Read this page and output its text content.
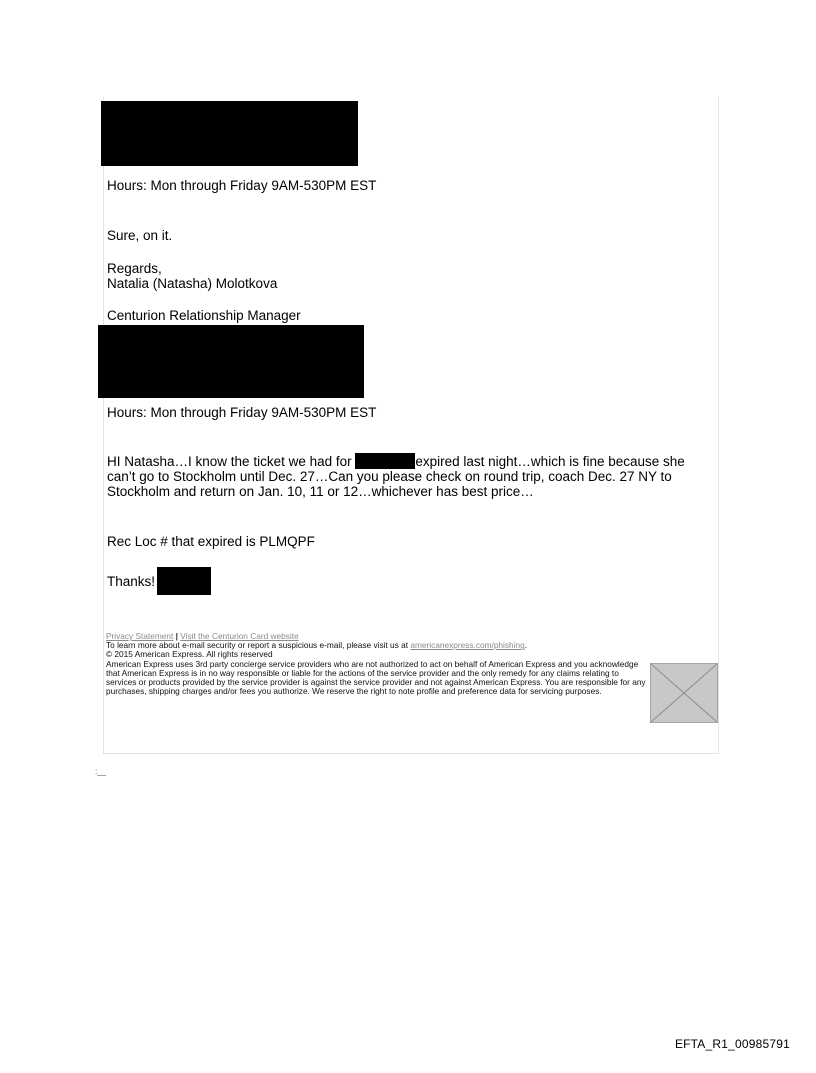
Hours: Mon through Friday 9AM-530PM EST
Sure, on it.
Regards,
Natalia (Natasha) Molotkova
Centurion Relationship Manager
Hours: Mon through Friday 9AM-530PM EST
HI Natasha…I know the ticket we had for	expired last night…which is fine because she can’t go to Stockholm until Dec. 27…Can you please check on round trip, coach Dec. 27 NY to Stockholm and return on Jan. 10, 11 or 12…whichever has best price…
Rec Loc # that expired is PLMQPF
Thanks!

Privacy Statement | Visit the Centurion Card website

To learn more about e-mail security or report a suspicious e-mail, please visit us at americanexpress.com/phishing.

© 2015 American Express. All rights reserved

American Express uses 3rd party concierge service providers who are not authorized to act on behalf of American Express and you acknowledge that American Express is in no way responsible or liable for the actions of the service provider and the only remedy for any claims relating to services or products provided by the service provider is against the service provider and not against American Express. You are responsible for any purchases, shipping charges and/or fees you authorize. We reserve the right to note profile and preference data for servicing purposes.

:__
EFTA_R1_00985791
